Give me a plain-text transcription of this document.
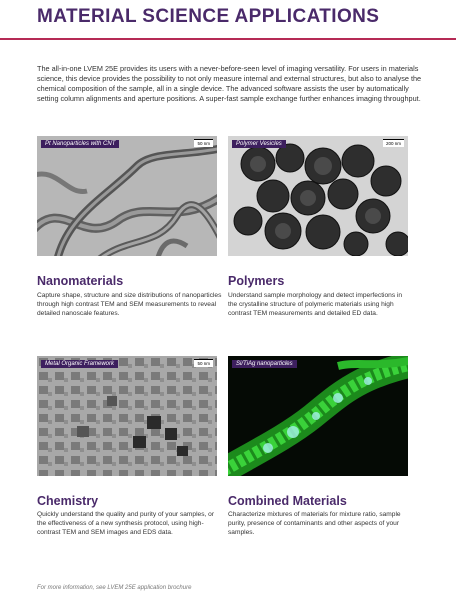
MATERIAL SCIENCE APPLICATIONS
The all-in-one LVEM 25E provides its users with a never-before-seen level of imaging versatility. For users in materials science, this device provides the possibility to not only measure internal and external structures, but also to analyse the chemical composition of the sample, all in a single device. The advanced software assists the user by automatically setting column alignments and aperture positions. A super-fast sample exchange further enhances imaging throughput.
Pt Nanoparticles with CNT	50 nm
Nanomaterials
Capture shape, structure and size distributions of nanoparticles through high contrast TEM and SEM measurements to reveal detailed nanoscale features.
Polymer Vesicles	200 nm
Polymers
Understand sample morphology and detect imperfections in the crystalline structure of polymeric materials using high contrast TEM measurements and detailed ED data.
Metal Organic Framework	50 nm
Chemistry
Quickly understand the quality and purity of your samples, or the effectiveness of a new synthesis protocol, using high-contrast TEM and SEM images and EDS data.
Si/TiAg nanoparticles
Combined Materials
Characterize mixtures of materials for mixture ratio, sample purity, presence of contaminants and other aspects of your samples.
For more information, see LVEM 25E application brochure
